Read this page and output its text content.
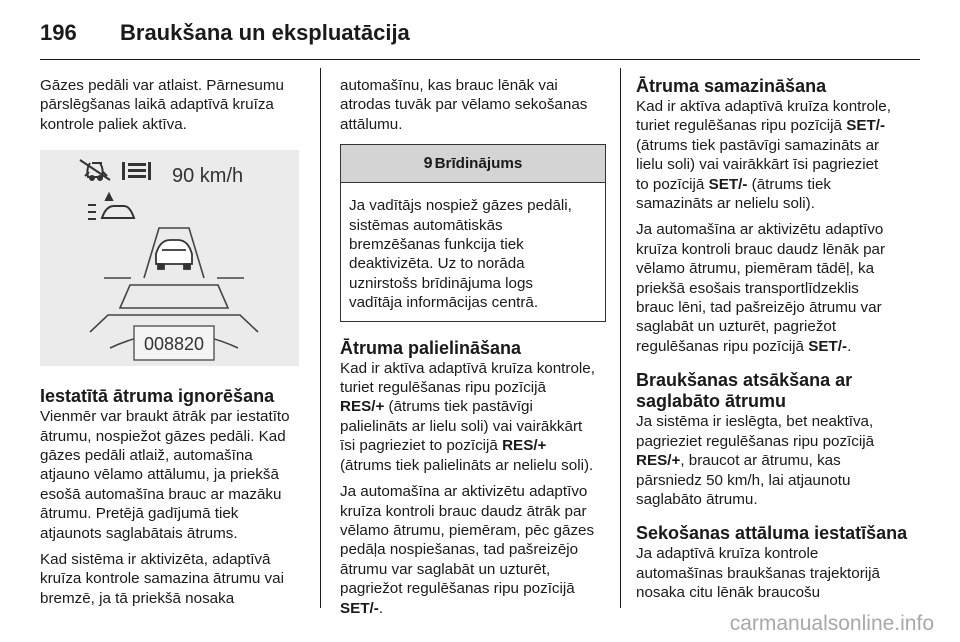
196 Braukšana un ekspluatācija

Gāzes pedāli var atlaist. Pārnesumu
pārslēgšanas laikā adaptīvā kruīza
kontrole paliek aktīva.

90 km/h
008820
Iestatītā ātruma ignorēšana

Vienmēr var braukt ātrāk par iestatīto
ātrumu, nospiežot gāzes pedāli. Kad
gāzes pedāli atlaiž, automašīna
atjauno vēlamo attālumu, ja priekšā
esošā automašīna brauc ar mazāku
ātrumu. Pretējā gadījumā tiek
atjaunots saglabātais ātrums.

Kad sistēma ir aktivizēta, adaptīvā
kruīza kontrole samazina ātrumu vai
bremzē, ja tā priekšā nosaka

automašīnu, kas brauc lēnāk vai
atrodas tuvāk par vēlamo sekošanas
attālumu.

9 Brīdinājums
Ja vadītājs nospiež gāzes pedāli,
sistēmas automātiskās
bremzēšanas funkcija tiek
deaktivizēta. Uz to norāda
uznirstošs brīdinājuma logs
vadītāja informācijas centrā.
Ātruma palielināšana

Kad ir aktīva adaptīvā kruīza kontrole,
turiet regulēšanas ripu pozīcijā
RES/+ (ātrums tiek pastāvīgi
palielināts ar lielu soli) vai vairākkārt
īsi pagrieziet to pozīcijā RES/+
(ātrums tiek palielināts ar nelielu soli).

Ja automašīna ar aktivizētu adaptīvo
kruīza kontroli brauc daudz ātrāk par
vēlamo ātrumu, piemēram, pēc gāzes
pedāļa nospiešanas, tad pašreizējo
ātrumu var saglabāt un uzturēt,
pagriežot regulēšanas ripu pozīcijā
SET/-.

Ātruma samazināšana

Kad ir aktīva adaptīvā kruīza kontrole,
turiet regulēšanas ripu pozīcijā SET/-
(ātrums tiek pastāvīgi samazināts ar
lielu soli) vai vairākkārt īsi pagrieziet
to pozīcijā SET/- (ātrums tiek
samazināts ar nelielu soli).

Ja automašīna ar aktivizētu adaptīvo
kruīza kontroli brauc daudz lēnāk par
vēlamo ātrumu, piemēram tādēļ, ka
priekšā esošais transportlīdzeklis
brauc lēni, tad pašreizējo ātrumu var
saglabāt un uzturēt, pagriežot
regulēšanas ripu pozīcijā SET/-.

Braukšanas atsākšana ar
saglabāto ātrumu

Ja sistēma ir ieslēgta, bet neaktīva,
pagrieziet regulēšanas ripu pozīcijā
RES/+, braucot ar ātrumu, kas
pārsniedz 50 km/h, lai atjaunotu
saglabāto ātrumu.

Sekošanas attāluma iestatīšana

Ja adaptīvā kruīza kontrole
automašīnas braukšanas trajektorijā
nosaka citu lēnāk braucošu

carmanualsonline.info
